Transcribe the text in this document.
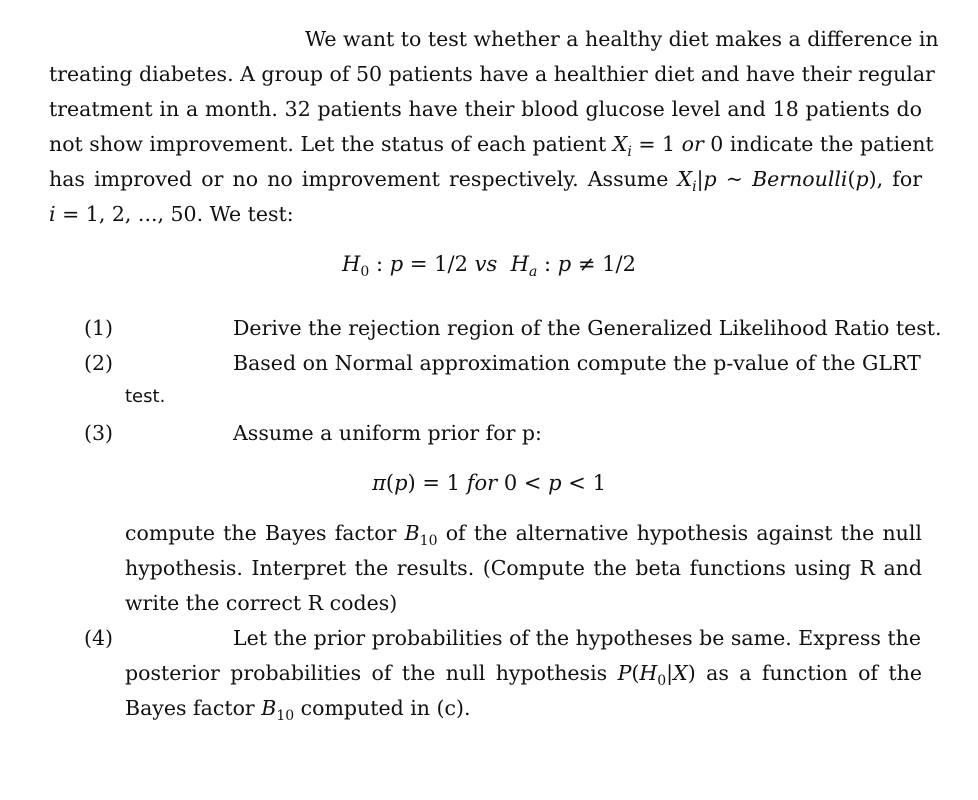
We want to test whether a healthy diet makes a difference in
treating diabetes. A group of 50 patients have a healthier diet and have their regular
treatment in a month. 32 patients have their blood glucose level and 18 patients do
not show improvement. Let the status of each patient $X_i = 1$ or 0 indicate the patient
has improved or no no improvement respectively. Assume $X_i|p$ ~ Bernoulli(p), for
i = 1, 2, ..., 50. We test:
$H_0$ : p = 1/2 vs $H_a$ : p ≠ 1/2
(1)	Derive the rejection region of the Generalized Likelihood Ratio test.
(2)	Based on Normal approximation compute the p-value of the GLRT
test.
(3)	Assume a uniform prior for p:
π(p) = 1 for 0 < p < 1
compute the Bayes factor $B_{10}$ of the alternative hypothesis against the null
hypothesis. Interpret the results. (Compute the beta functions using R and
write the correct R codes)
(4)	Let the prior probabilities of the hypotheses be same. Express the
posterior probabilities of the null hypothesis $P(H_0|X)$ as a function of the
Bayes factor $B_{10}$ computed in (c).
